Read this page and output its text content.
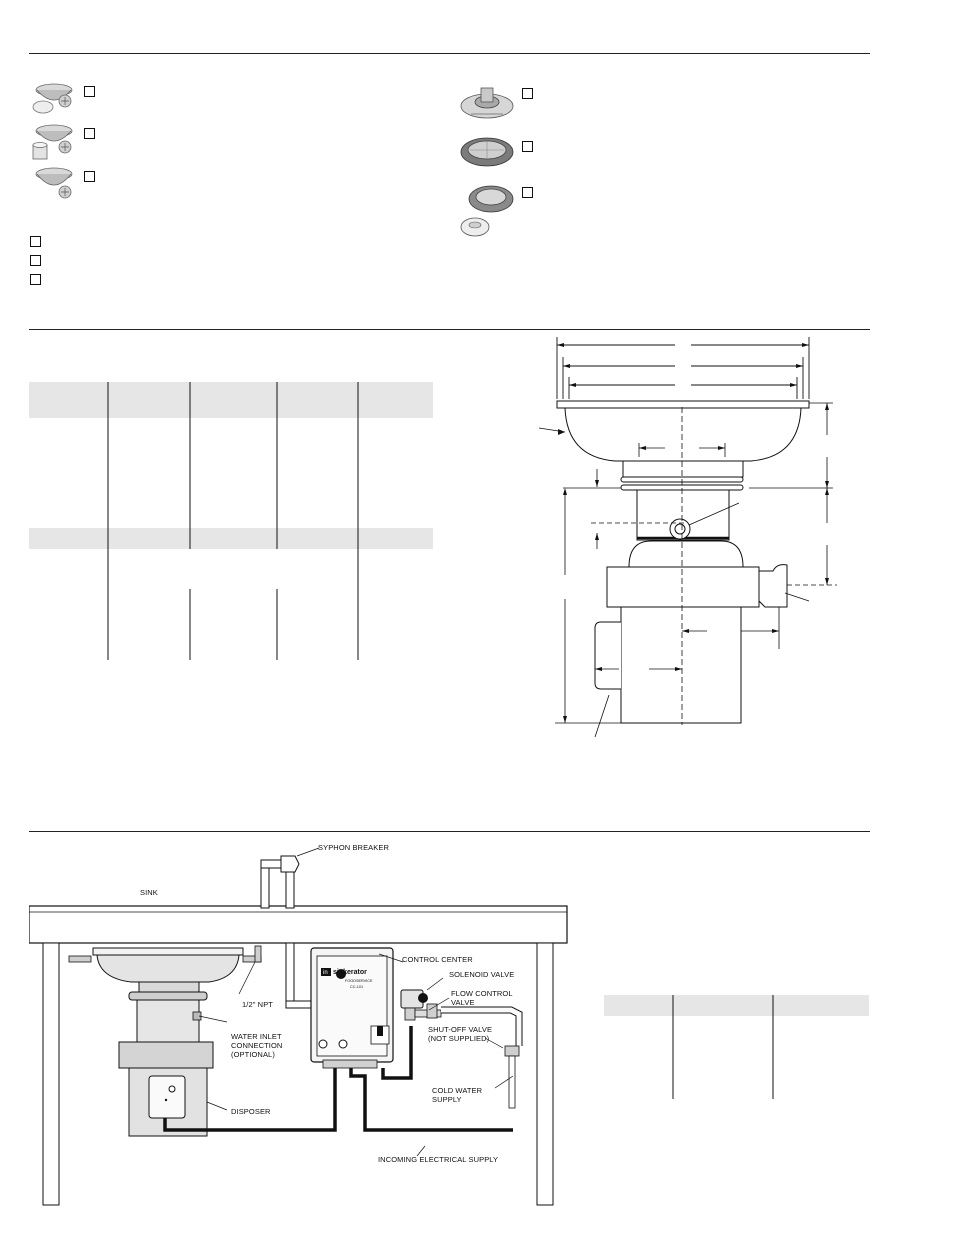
in sinkerator
FOODSERVICE
CC-101
SYPHON BREAKER
SINK
CONTROL CENTER
SOLENOID VALVE
FLOW CONTROL
VALVE
1/2" NPT
WATER INLET
CONNECTION
(OPTIONAL)
SHUT-OFF VALVE
(NOT SUPPLIED)
COLD WATER
SUPPLY
DISPOSER
INCOMING ELECTRICAL SUPPLY
